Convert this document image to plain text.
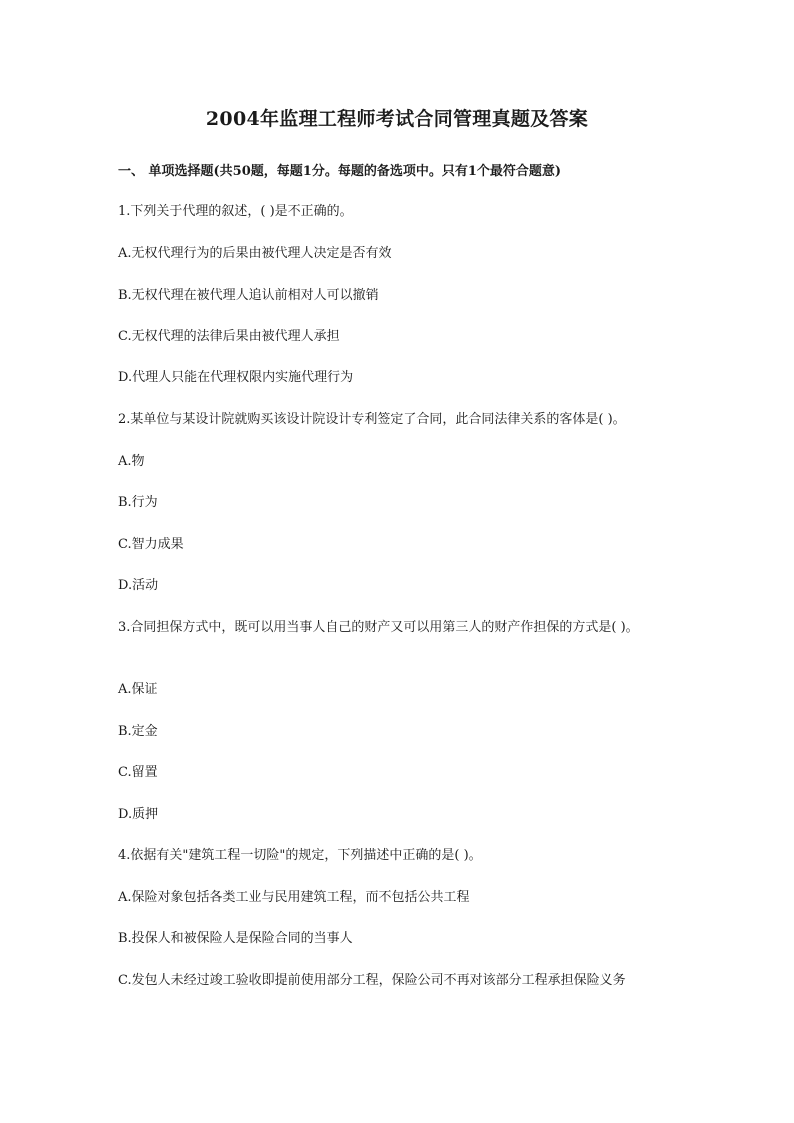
2004年监理工程师考试合同管理真题及答案
一、 单项选择题(共50题，每题1分。每题的备选项中。只有1个最符合题意)
1.下列关于代理的叙述，( )是不正确的。
A.无权代理行为的后果由被代理人决定是否有效
B.无权代理在被代理人追认前相对人可以撤销
C.无权代理的法律后果由被代理人承担
D.代理人只能在代理权限内实施代理行为
2.某单位与某设计院就购买该设计院设计专利签定了合同，此合同法律关系的客体是( )。
A.物
B.行为
C.智力成果
D.活动
3.合同担保方式中，既可以用当事人自己的财产又可以用第三人的财产作担保的方式是( )。
A.保证
B.定金
C.留置
D.质押
4.依据有关"建筑工程一切险"的规定，下列描述中正确的是( )。
A.保险对象包括各类工业与民用建筑工程，而不包括公共工程
B.投保人和被保险人是保险合同的当事人
C.发包人未经过竣工验收即提前使用部分工程，保险公司不再对该部分工程承担保险义务
